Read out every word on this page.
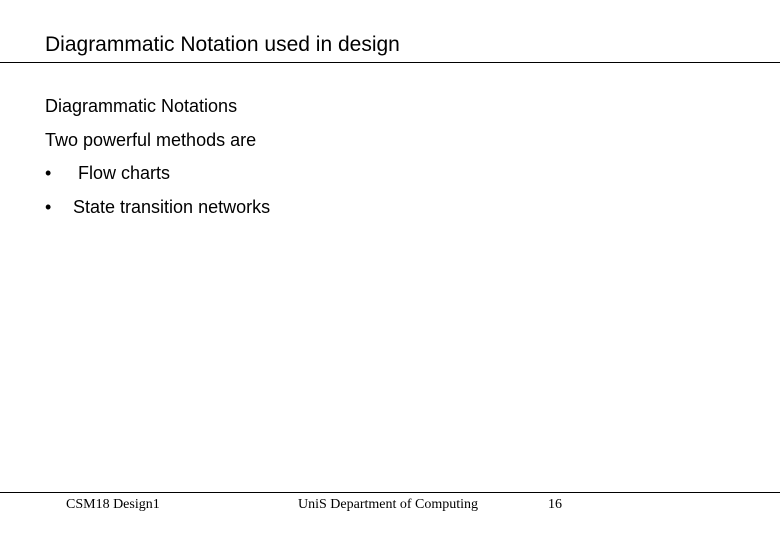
Diagrammatic Notation used in design
Diagrammatic Notations
Two powerful methods are
• Flow charts
• State transition networks
CSM18 Design1	UniS Department of Computing	16
